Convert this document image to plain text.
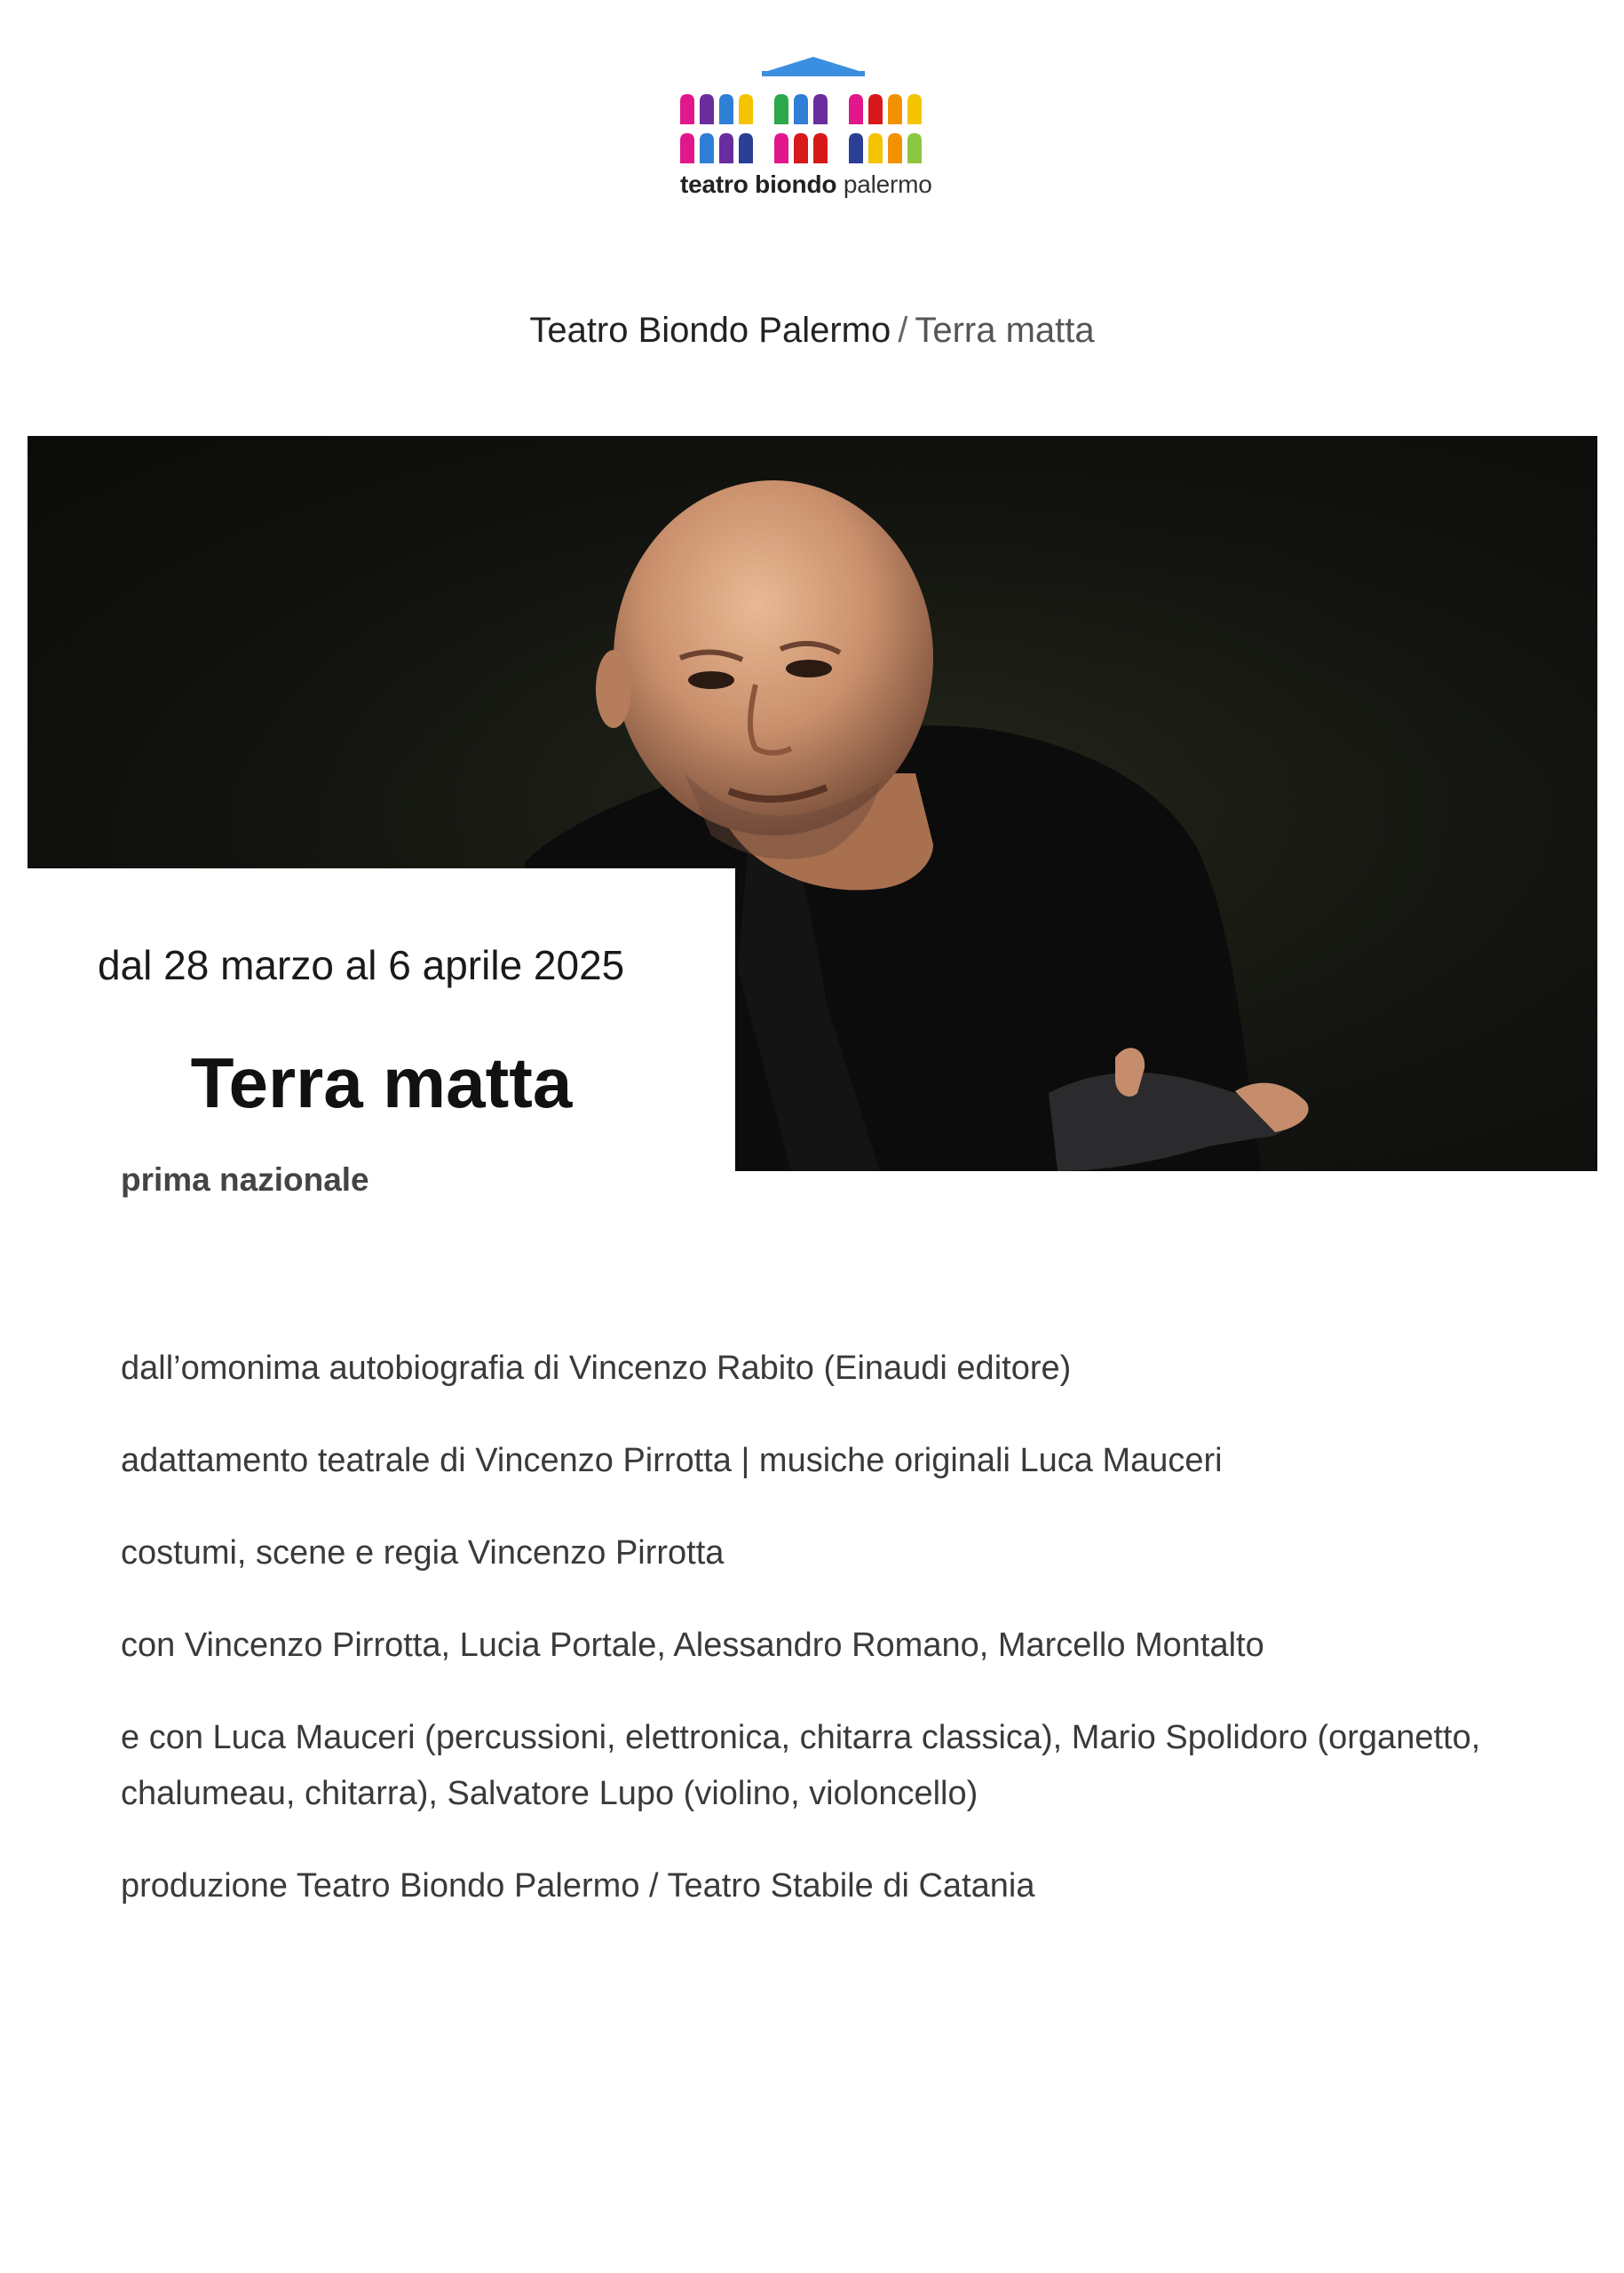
teatro biondo palermo
Teatro Biondo Palermo / Terra matta
dal 28 marzo al 6 aprile 2025
Terra matta
prima nazionale

dall’omonima autobiografia di Vincenzo Rabito (Einaudi editore)

adattamento teatrale di Vincenzo Pirrotta | musiche originali Luca Mauceri

costumi, scene e regia Vincenzo Pirrotta

con Vincenzo Pirrotta, Lucia Portale, Alessandro Romano, Marcello Montalto

e con Luca Mauceri (percussioni, elettronica, chitarra classica), Mario Spolidoro (organetto, chalumeau, chitarra), Salvatore Lupo (violino, violoncello)

produzione Teatro Biondo Palermo / Teatro Stabile di Catania
